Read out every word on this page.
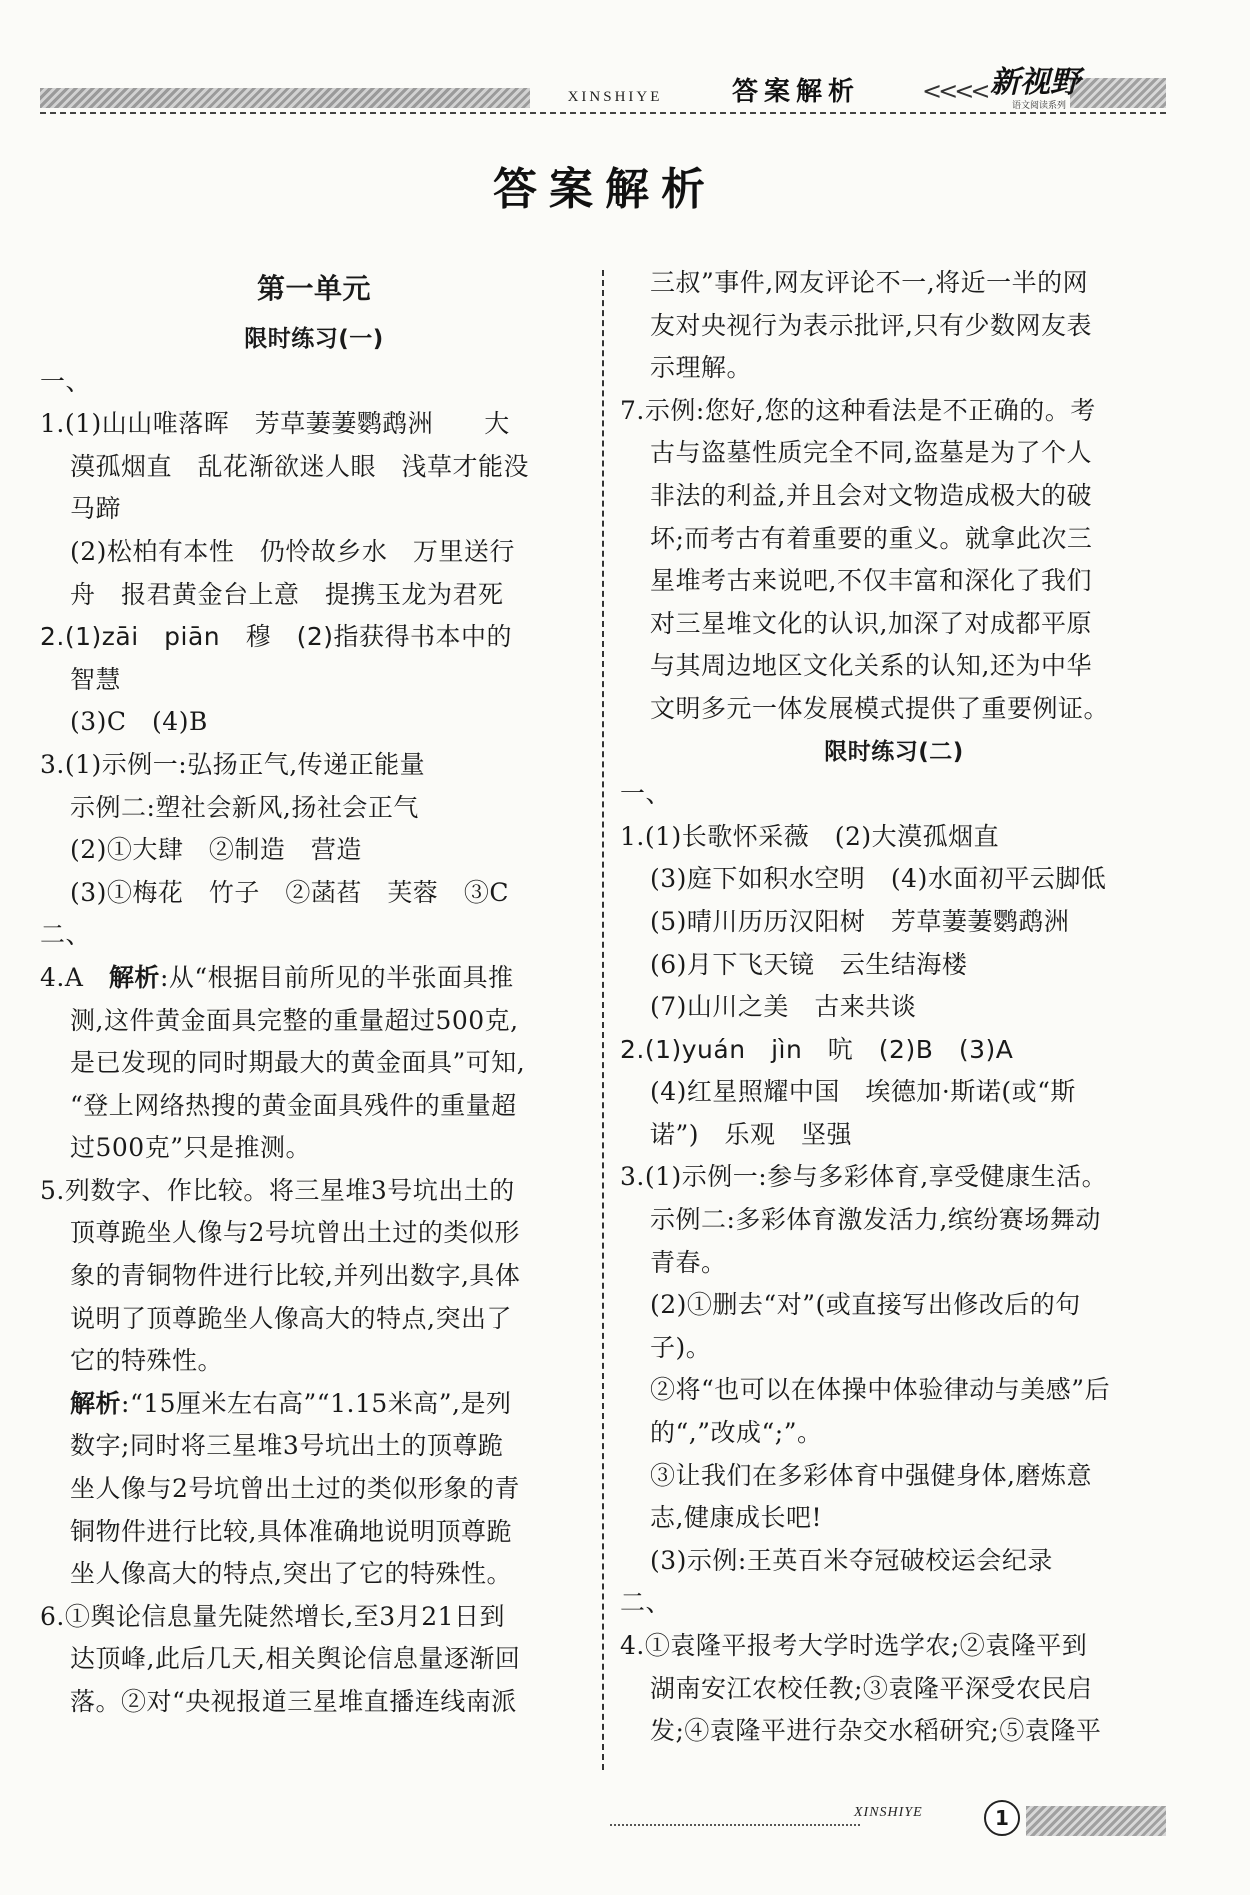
XINSHIYE	答案解析	<<<< 新视野
语文阅读系列
答案解析
第一单元
限时练习(一)

一、

1.(1)山山唯落晖　芳草萋萋鹦鹉洲　　大

漠孤烟直　乱花渐欲迷人眼　浅草才能没

马蹄

(2)松柏有本性　仍怜故乡水　万里送行

舟　报君黄金台上意　提携玉龙为君死

2.(1)zāi　piān　穆　(2)指获得书本中的

智慧

(3)C　(4)B

3.(1)示例一:弘扬正气,传递正能量

示例二:塑社会新风,扬社会正气

(2)①大肆　②制造　营造

(3)①梅花　竹子　②菡萏　芙蓉　③C

二、

4.A　解析:从“根据目前所见的半张面具推

测,这件黄金面具完整的重量超过500克,

是已发现的同时期最大的黄金面具”可知,

“登上网络热搜的黄金面具残件的重量超

过500克”只是推测。

5.列数字、作比较。将三星堆3号坑出土的

顶尊跪坐人像与2号坑曾出土过的类似形

象的青铜物件进行比较,并列出数字,具体

说明了顶尊跪坐人像高大的特点,突出了

它的特殊性。

解析:“15厘米左右高”“1.15米高”,是列

数字;同时将三星堆3号坑出土的顶尊跪

坐人像与2号坑曾出土过的类似形象的青

铜物件进行比较,具体准确地说明顶尊跪

坐人像高大的特点,突出了它的特殊性。

6.①舆论信息量先陡然增长,至3月21日到

达顶峰,此后几天,相关舆论信息量逐渐回

落。②对“央视报道三星堆直播连线南派

三叔”事件,网友评论不一,将近一半的网

友对央视行为表示批评,只有少数网友表

示理解。

7.示例:您好,您的这种看法是不正确的。考

古与盗墓性质完全不同,盗墓是为了个人

非法的利益,并且会对文物造成极大的破

坏;而考古有着重要的重义。就拿此次三

星堆考古来说吧,不仅丰富和深化了我们

对三星堆文化的认识,加深了对成都平原

与其周边地区文化关系的认知,还为中华

文明多元一体发展模式提供了重要例证。

限时练习(二)

一、

1.(1)长歌怀采薇　(2)大漠孤烟直

(3)庭下如积水空明　(4)水面初平云脚低

(5)晴川历历汉阳树　芳草萋萋鹦鹉洲

(6)月下飞天镜　云生结海楼

(7)山川之美　古来共谈

2.(1)yuán　jìn　吭　(2)B　(3)A

(4)红星照耀中国　埃德加·斯诺(或“斯

诺”)　乐观　坚强

3.(1)示例一:参与多彩体育,享受健康生活。

示例二:多彩体育激发活力,缤纷赛场舞动

青春。

(2)①删去“对”(或直接写出修改后的句

子)。

②将“也可以在体操中体验律动与美感”后

的“,”改成“;”。

③让我们在多彩体育中强健身体,磨炼意

志,健康成长吧!

(3)示例:王英百米夺冠破校运会纪录

二、

4.①袁隆平报考大学时选学农;②袁隆平到

湖南安江农校任教;③袁隆平深受农民启

发;④袁隆平进行杂交水稻研究;⑤袁隆平

XINSHIYE	1
